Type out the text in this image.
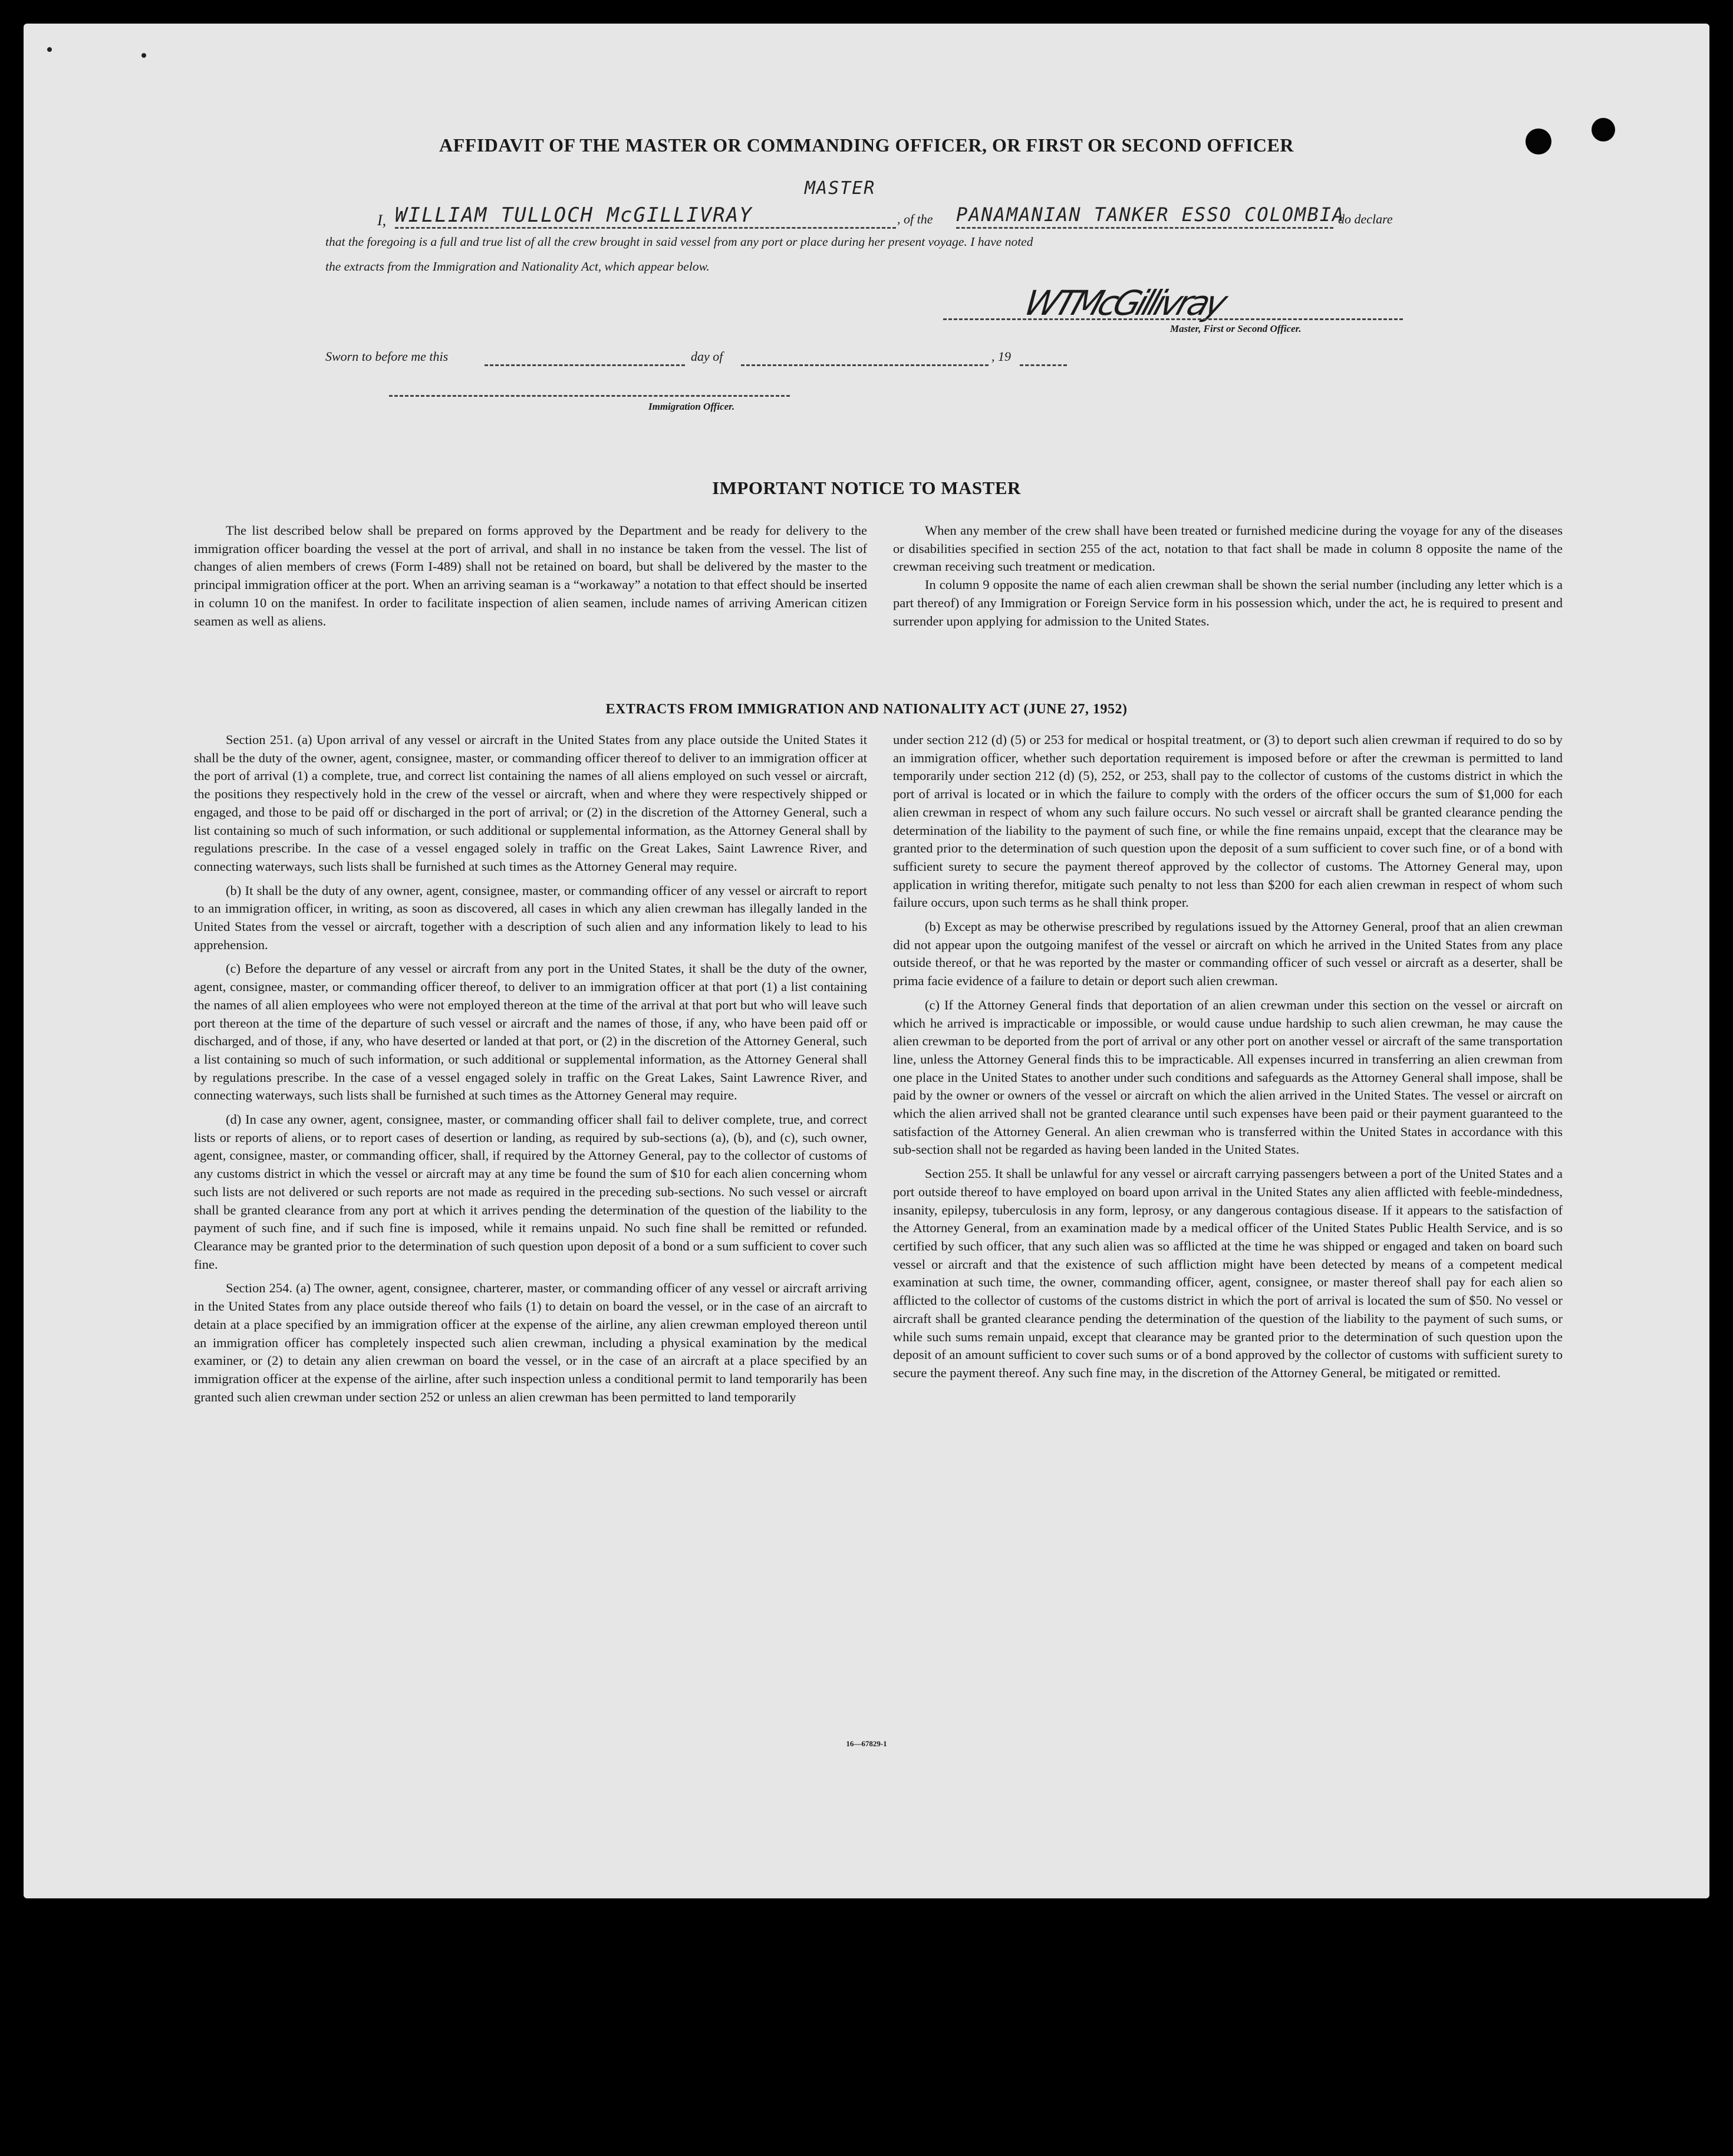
AFFIDAVIT OF THE MASTER OR COMMANDING OFFICER, OR FIRST OR SECOND OFFICER
MASTER
I, WILLIAM TULLOCH McGILLIVRAY	, of the PANAMANIAN TANKER ESSO COLOMBIA
do declare
that the foregoing is a full and true list of all the crew brought in said vessel from any port or place during her present voyage. I have noted
the extracts from the Immigration and Nationality Act, which appear below.
WTMcGillivray
Master, First or Second Officer.
Sworn to before me this	day of	, 19
Immigration Officer.
IMPORTANT NOTICE TO MASTER

The list described below shall be prepared on forms approved by the Department and be ready for delivery to the immigration officer boarding the vessel at the port of arrival, and shall in no instance be taken from the vessel. The list of changes of alien members of crews (Form I-489) shall not be retained on board, but shall be delivered by the master to the principal immigration officer at the port. When an arriving seaman is a “workaway” a notation to that effect should be inserted in column 10 on the manifest. In order to facilitate inspection of alien seamen, include names of arriving American citizen seamen as well as aliens.

When any member of the crew shall have been treated or furnished medicine during the voyage for any of the diseases or disabilities specified in section 255 of the act, notation to that fact shall be made in column 8 opposite the name of the crewman receiving such treatment or medication.

In column 9 opposite the name of each alien crewman shall be shown the serial number (including any letter which is a part thereof) of any Immigration or Foreign Service form in his possession which, under the act, he is required to present and surrender upon applying for admission to the United States.

EXTRACTS FROM IMMIGRATION AND NATIONALITY ACT (JUNE 27, 1952)

Section 251. (a) Upon arrival of any vessel or aircraft in the United States from any place outside the United States it shall be the duty of the owner, agent, consignee, master, or commanding officer thereof to deliver to an immigration officer at the port of arrival (1) a complete, true, and correct list containing the names of all aliens employed on such vessel or aircraft, the positions they respectively hold in the crew of the vessel or aircraft, when and where they were respectively shipped or engaged, and those to be paid off or discharged in the port of arrival; or (2) in the discretion of the Attorney General, such a list containing so much of such information, or such additional or supplemental information, as the Attorney General shall by regulations prescribe. In the case of a vessel engaged solely in traffic on the Great Lakes, Saint Lawrence River, and connecting waterways, such lists shall be furnished at such times as the Attorney General may require.

(b) It shall be the duty of any owner, agent, consignee, master, or commanding officer of any vessel or aircraft to report to an immigration officer, in writing, as soon as discovered, all cases in which any alien crewman has illegally landed in the United States from the vessel or aircraft, together with a description of such alien and any information likely to lead to his apprehension.

(c) Before the departure of any vessel or aircraft from any port in the United States, it shall be the duty of the owner, agent, consignee, master, or commanding officer thereof, to deliver to an immigration officer at that port (1) a list containing the names of all alien employees who were not employed thereon at the time of the arrival at that port but who will leave such port thereon at the time of the departure of such vessel or aircraft and the names of those, if any, who have been paid off or discharged, and of those, if any, who have deserted or landed at that port, or (2) in the discretion of the Attorney General, such a list containing so much of such information, or such additional or supplemental information, as the Attorney General shall by regulations prescribe. In the case of a vessel engaged solely in traffic on the Great Lakes, Saint Lawrence River, and connecting waterways, such lists shall be furnished at such times as the Attorney General may require.

(d) In case any owner, agent, consignee, master, or commanding officer shall fail to deliver complete, true, and correct lists or reports of aliens, or to report cases of desertion or landing, as required by sub-sections (a), (b), and (c), such owner, agent, consignee, master, or commanding officer, shall, if required by the Attorney General, pay to the collector of customs of any customs district in which the vessel or aircraft may at any time be found the sum of $10 for each alien concerning whom such lists are not delivered or such reports are not made as required in the preceding sub-sections. No such vessel or aircraft shall be granted clearance from any port at which it arrives pending the determination of the question of the liability to the payment of such fine, and if such fine is imposed, while it remains unpaid. No such fine shall be remitted or refunded. Clearance may be granted prior to the determination of such question upon deposit of a bond or a sum sufficient to cover such fine.

Section 254. (a) The owner, agent, consignee, charterer, master, or commanding officer of any vessel or aircraft arriving in the United States from any place outside thereof who fails (1) to detain on board the vessel, or in the case of an aircraft to detain at a place specified by an immigration officer at the expense of the airline, any alien crewman employed thereon until an immigration officer has completely inspected such alien crewman, including a physical examination by the medical examiner, or (2) to detain any alien crewman on board the vessel, or in the case of an aircraft at a place specified by an immigration officer at the expense of the airline, after such inspection unless a conditional permit to land temporarily has been granted such alien crewman under section 252 or unless an alien crewman has been permitted to land temporarily

under section 212 (d) (5) or 253 for medical or hospital treatment, or (3) to deport such alien crewman if required to do so by an immigration officer, whether such deportation requirement is imposed before or after the crewman is permitted to land temporarily under section 212 (d) (5), 252, or 253, shall pay to the collector of customs of the customs district in which the port of arrival is located or in which the failure to comply with the orders of the officer occurs the sum of $1,000 for each alien crewman in respect of whom any such failure occurs. No such vessel or aircraft shall be granted clearance pending the determination of the liability to the payment of such fine, or while the fine remains unpaid, except that the clearance may be granted prior to the determination of such question upon the deposit of a sum sufficient to cover such fine, or of a bond with sufficient surety to secure the payment thereof approved by the collector of customs. The Attorney General may, upon application in writing therefor, mitigate such penalty to not less than $200 for each alien crewman in respect of whom such failure occurs, upon such terms as he shall think proper.

(b) Except as may be otherwise prescribed by regulations issued by the Attorney General, proof that an alien crewman did not appear upon the outgoing manifest of the vessel or aircraft on which he arrived in the United States from any place outside thereof, or that he was reported by the master or commanding officer of such vessel or aircraft as a deserter, shall be prima facie evidence of a failure to detain or deport such alien crewman.

(c) If the Attorney General finds that deportation of an alien crewman under this section on the vessel or aircraft on which he arrived is impracticable or impossible, or would cause undue hardship to such alien crewman, he may cause the alien crewman to be deported from the port of arrival or any other port on another vessel or aircraft of the same transportation line, unless the Attorney General finds this to be impracticable. All expenses incurred in transferring an alien crewman from one place in the United States to another under such conditions and safeguards as the Attorney General shall impose, shall be paid by the owner or owners of the vessel or aircraft on which the alien arrived in the United States. The vessel or aircraft on which the alien arrived shall not be granted clearance until such expenses have been paid or their payment guaranteed to the satisfaction of the Attorney General. An alien crewman who is transferred within the United States in accordance with this sub-section shall not be regarded as having been landed in the United States.

Section 255. It shall be unlawful for any vessel or aircraft carrying passengers between a port of the United States and a port outside thereof to have employed on board upon arrival in the United States any alien afflicted with feeble-mindedness, insanity, epilepsy, tuberculosis in any form, leprosy, or any dangerous contagious disease. If it appears to the satisfaction of the Attorney General, from an examination made by a medical officer of the United States Public Health Service, and is so certified by such officer, that any such alien was so afflicted at the time he was shipped or engaged and taken on board such vessel or aircraft and that the existence of such affliction might have been detected by means of a competent medical examination at such time, the owner, commanding officer, agent, consignee, or master thereof shall pay for each alien so afflicted to the collector of customs of the customs district in which the port of arrival is located the sum of $50. No vessel or aircraft shall be granted clearance pending the determination of the question of the liability to the payment of such sums, or while such sums remain unpaid, except that clearance may be granted prior to the determination of such question upon the deposit of an amount sufficient to cover such sums or of a bond approved by the collector of customs with sufficient surety to secure the payment thereof. Any such fine may, in the discretion of the Attorney General, be mitigated or remitted.

16—67829-1
